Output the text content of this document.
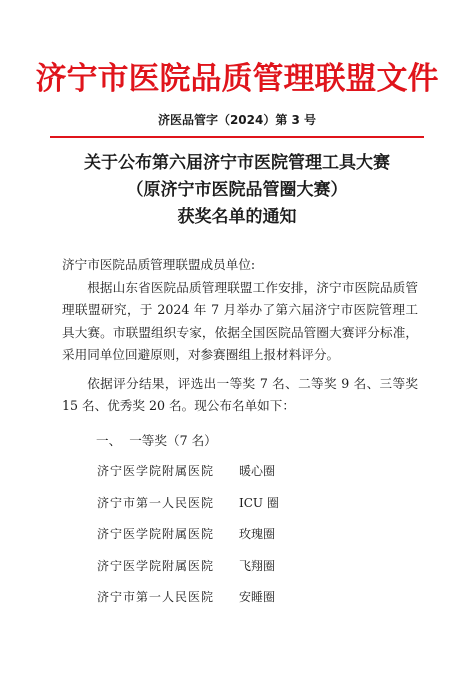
济宁市医院品质管理联盟文件
济医品管字（2024）第 3 号
关于公布第六届济宁市医院管理工具大赛
（原济宁市医院品管圈大赛）
获奖名单的通知

济宁市医院品质管理联盟成员单位:

根据山东省医院品质管理联盟工作安排，济宁市医院品质管理联盟研究，于 2024 年 7 月举办了第六届济宁市医院管理工具大赛。市联盟组织专家，依据全国医院品管圈大赛评分标准，采用同单位回避原则，对参赛圈组上报材料评分。

依据评分结果，评选出一等奖 7 名、二等奖 9 名、三等奖 15 名、优秀奖 20 名。现公布名单如下：

一、  一等奖（7 名）
济宁医学院附属医院 暖心圈
济宁市第一人民医院 ICU 圈
济宁医学院附属医院 玫瑰圈
济宁医学院附属医院 飞翔圈
济宁市第一人民医院 安睡圈
